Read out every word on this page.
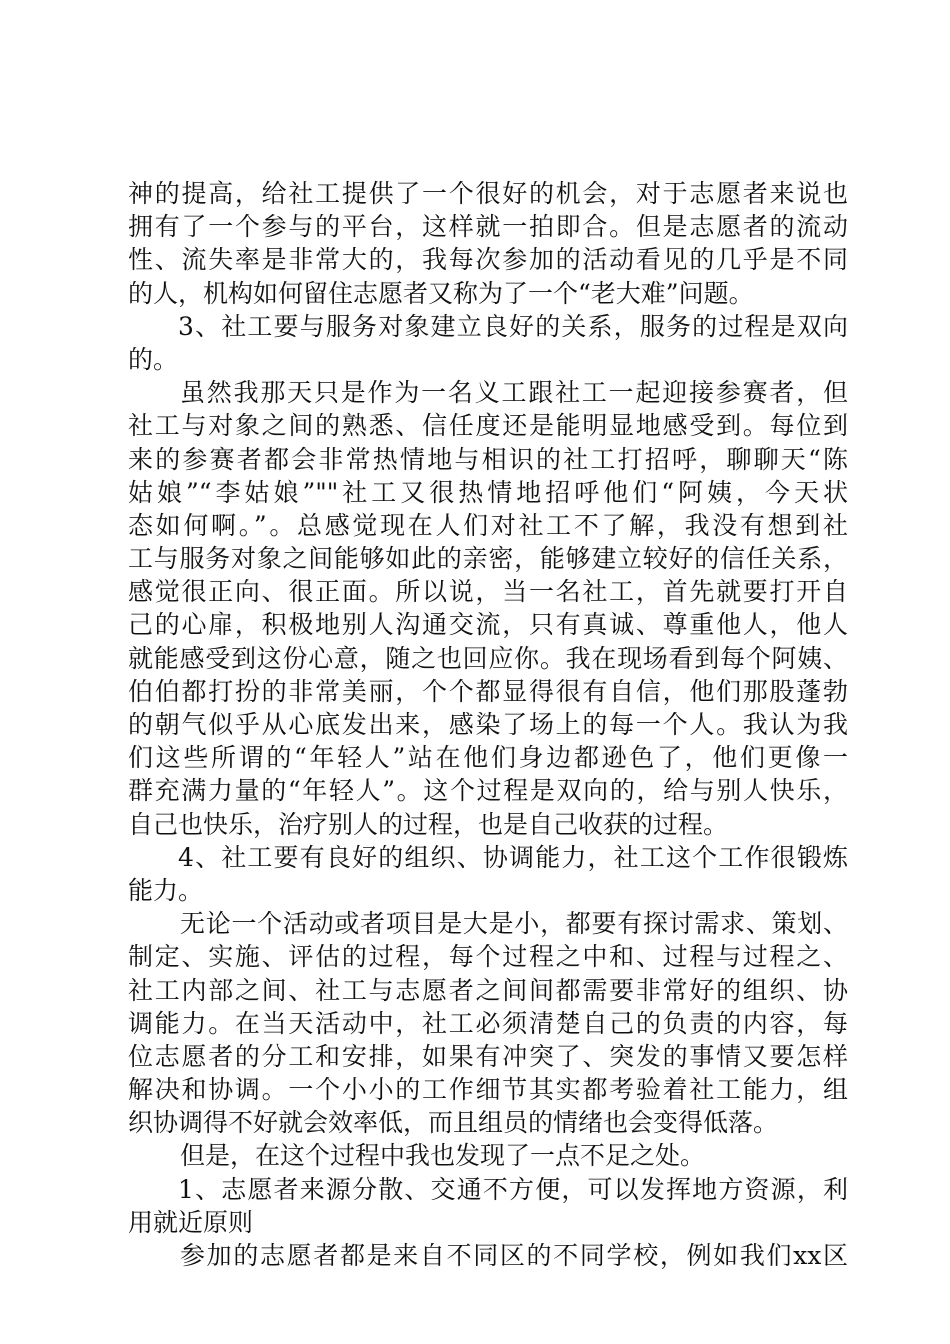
神的提高，给社工提供了一个很好的机会，对于志愿者来说也
拥有了一个参与的平台，这样就一拍即合。但是志愿者的流动
性、流失率是非常大的，我每次参加的活动看见的几乎是不同
的人，机构如何留住志愿者又称为了一个“老大难”问题。
3、社工要与服务对象建立良好的关系，服务的过程是双向
的。
虽然我那天只是作为一名义工跟社工一起迎接参赛者，但
社工与对象之间的熟悉、信任度还是能明显地感受到。每位到
来的参赛者都会非常热情地与相识的社工打招呼，聊聊天“陈
姑娘”“李姑娘”""社工又很热情地招呼他们“阿姨，今天状
态如何啊。”。总感觉现在人们对社工不了解，我没有想到社
工与服务对象之间能够如此的亲密，能够建立较好的信任关系，
感觉很正向、很正面。所以说，当一名社工，首先就要打开自
己的心扉，积极地别人沟通交流，只有真诚、尊重他人，他人
就能感受到这份心意，随之也回应你。我在现场看到每个阿姨、
伯伯都打扮的非常美丽，个个都显得很有自信，他们那股蓬勃
的朝气似乎从心底发出来，感染了场上的每一个人。我认为我
们这些所谓的“年轻人”站在他们身边都逊色了，他们更像一
群充满力量的“年轻人”。这个过程是双向的，给与别人快乐，
自己也快乐，治疗别人的过程，也是自己收获的过程。
4、社工要有良好的组织、协调能力，社工这个工作很锻炼
能力。
无论一个活动或者项目是大是小，都要有探讨需求、策划、
制定、实施、评估的过程，每个过程之中和、过程与过程之、
社工内部之间、社工与志愿者之间间都需要非常好的组织、协
调能力。在当天活动中，社工必须清楚自己的负责的内容，每
位志愿者的分工和安排，如果有冲突了、突发的事情又要怎样
解决和协调。一个小小的工作细节其实都考验着社工能力，组
织协调得不好就会效率低，而且组员的情绪也会变得低落。
但是，在这个过程中我也发现了一点不足之处。
1、志愿者来源分散、交通不方便，可以发挥地方资源，利
用就近原则
参加的志愿者都是来自不同区的不同学校，例如我们xx区
